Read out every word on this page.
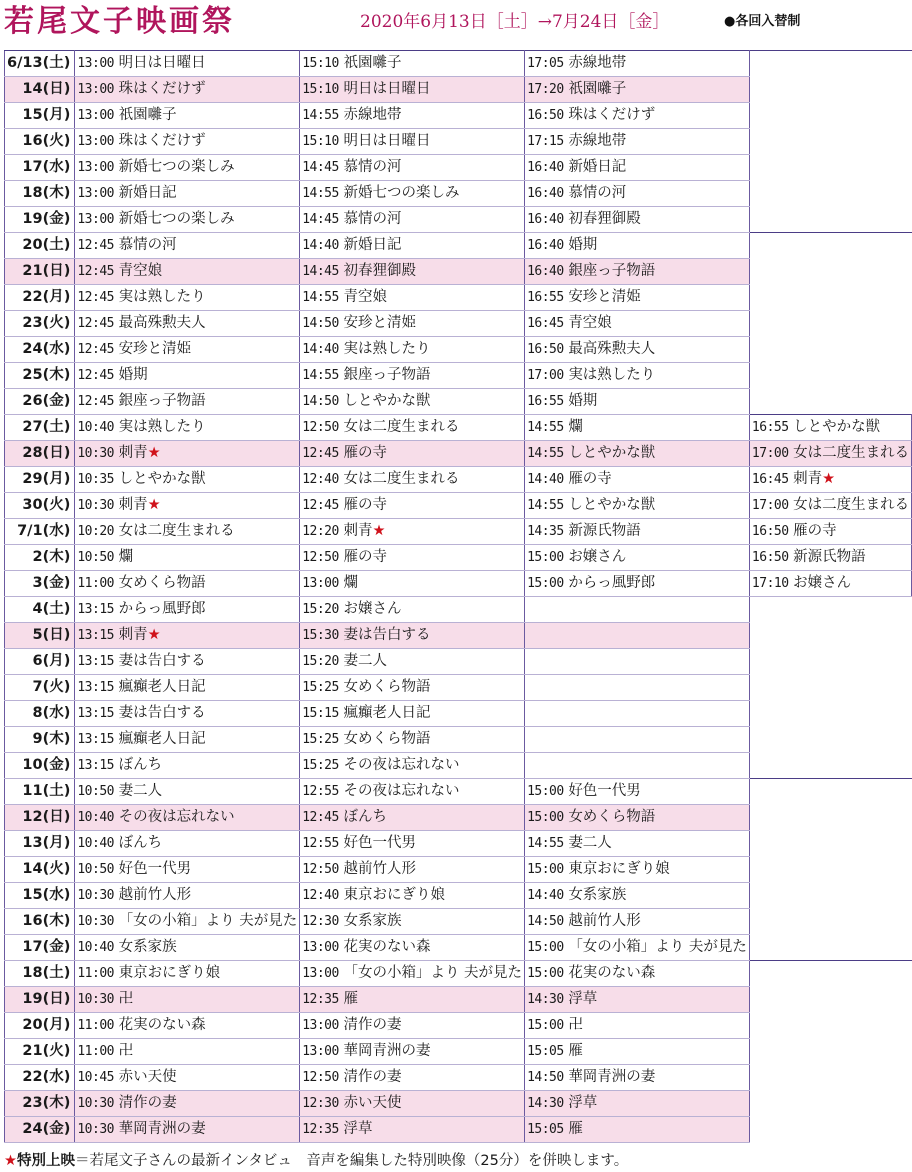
若尾文子映画祭	2020年6月13日［土］→7月24日［金］	●各回入替制
6/13(土)	13:00 明日は日曜日	15:10 祇園囃子	17:05 赤線地帯	
14(日)	13:00 珠はくだけず	15:10 明日は日曜日	17:20 祇園囃子	
15(月)	13:00 祇園囃子	14:55 赤線地帯	16:50 珠はくだけず	
16(火)	13:00 珠はくだけず	15:10 明日は日曜日	17:15 赤線地帯	
17(水)	13:00 新婚七つの楽しみ	14:45 慕情の河	16:40 新婚日記	
18(木)	13:00 新婚日記	14:55 新婚七つの楽しみ	16:40 慕情の河	
19(金)	13:00 新婚七つの楽しみ	14:45 慕情の河	16:40 初春狸御殿	
20(土)	12:45 慕情の河	14:40 新婚日記	16:40 婚期	
21(日)	12:45 青空娘	14:45 初春狸御殿	16:40 銀座っ子物語	
22(月)	12:45 実は熟したり	14:55 青空娘	16:55 安珍と清姫	
23(火)	12:45 最高殊勲夫人	14:50 安珍と清姫	16:45 青空娘	
24(水)	12:45 安珍と清姫	14:40 実は熟したり	16:50 最高殊勲夫人	
25(木)	12:45 婚期	14:55 銀座っ子物語	17:00 実は熟したり	
26(金)	12:45 銀座っ子物語	14:50 しとやかな獣	16:55 婚期	
27(土)	10:40 実は熟したり	12:50 女は二度生まれる	14:55 爛	16:55 しとやかな獣
28(日)	10:30 刺青★	12:45 雁の寺	14:55 しとやかな獣	17:00 女は二度生まれる
29(月)	10:35 しとやかな獣	12:40 女は二度生まれる	14:40 雁の寺	16:45 刺青★
30(火)	10:30 刺青★	12:45 雁の寺	14:55 しとやかな獣	17:00 女は二度生まれる
7/1(水)	10:20 女は二度生まれる	12:20 刺青★	14:35 新源氏物語	16:50 雁の寺
2(木)	10:50 爛	12:50 雁の寺	15:00 お嬢さん	16:50 新源氏物語
3(金)	11:00 女めくら物語	13:00 爛	15:00 からっ風野郎	17:10 お嬢さん
4(土)	13:15 からっ風野郎	15:20 お嬢さん		
5(日)	13:15 刺青★	15:30 妻は告白する		
6(月)	13:15 妻は告白する	15:20 妻二人		
7(火)	13:15 瘋癲老人日記	15:25 女めくら物語		
8(水)	13:15 妻は告白する	15:15 瘋癲老人日記		
9(木)	13:15 瘋癲老人日記	15:25 女めくら物語		
10(金)	13:15 ぼんち	15:25 その夜は忘れない		
11(土)	10:50 妻二人	12:55 その夜は忘れない	15:00 好色一代男	
12(日)	10:40 その夜は忘れない	12:45 ぼんち	15:00 女めくら物語	
13(月)	10:40 ぼんち	12:55 好色一代男	14:55 妻二人	
14(火)	10:50 好色一代男	12:50 越前竹人形	15:00 東京おにぎり娘	
15(水)	10:30 越前竹人形	12:40 東京おにぎり娘	14:40 女系家族	
16(木)	10:30 「女の小箱」より 夫が見た	12:30 女系家族	14:50 越前竹人形	
17(金)	10:40 女系家族	13:00 花実のない森	15:00 「女の小箱」より 夫が見た	
18(土)	11:00 東京おにぎり娘	13:00 「女の小箱」より 夫が見た	15:00 花実のない森	
19(日)	10:30 卍	12:35 雁	14:30 浮草	
20(月)	11:00 花実のない森	13:00 清作の妻	15:00 卍	
21(火)	11:00 卍	13:00 華岡青洲の妻	15:05 雁	
22(水)	10:45 赤い天使	12:50 清作の妻	14:50 華岡青洲の妻	
23(木)	10:30 清作の妻	12:30 赤い天使	14:30 浮草	
24(金)	10:30 華岡青洲の妻	12:35 浮草	15:05 雁	
★特別上映＝若尾文子さんの最新インタビュ　音声を編集した特別映像（25分）を併映します。
